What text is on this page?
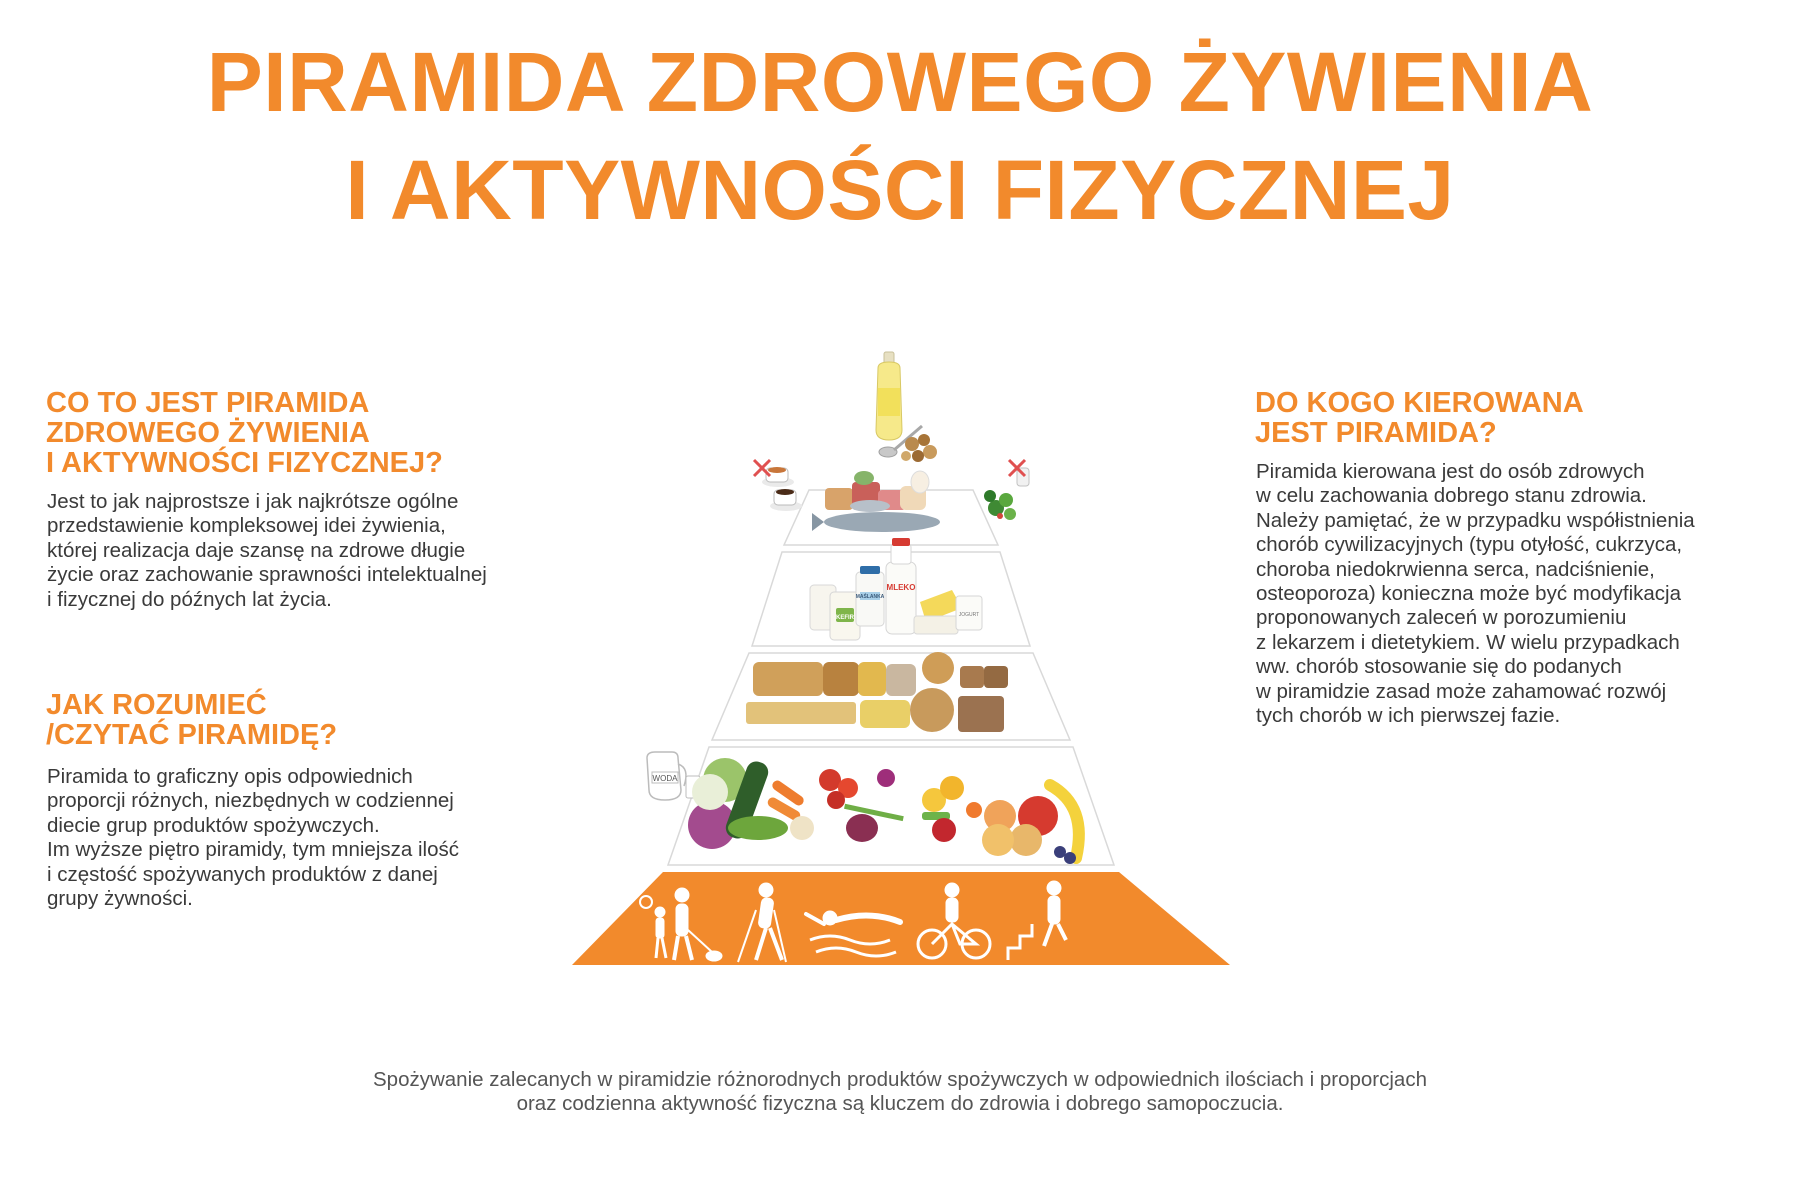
PIRAMIDA ZDROWEGO ŻYWIENIA
I AKTYWNOŚCI FIZYCZNEJ
CO TO JEST PIRAMIDA
ZDROWEGO ŻYWIENIA
I AKTYWNOŚCI FIZYCZNEJ?

Jest to jak najprostsze i jak najkrótsze ogólne
przedstawienie kompleksowej idei żywienia,
której realizacja daje szansę na zdrowe długie
życie oraz zachowanie sprawności intelektualnej
i fizycznej do późnych lat życia.

JAK ROZUMIEĆ
/CZYTAĆ PIRAMIDĘ?

Piramida to graficzny opis odpowiednich
proporcji różnych, niezbędnych w codziennej
diecie grup produktów spożywczych.
Im wyższe piętro piramidy, tym mniejsza ilość
i częstość spożywanych produktów z danej
grupy żywności.

DO KOGO KIEROWANA
JEST PIRAMIDA?

Piramida kierowana jest do osób zdrowych
w celu zachowania dobrego stanu zdrowia.
Należy pamiętać, że w przypadku współistnienia
chorób cywilizacyjnych (typu otyłość, cukrzyca,
choroba niedokrwienna serca, nadciśnienie,
osteoporoza) konieczna może być modyfikacja
proponowanych zaleceń w porozumieniu
z lekarzem i dietetykiem. W wielu przypadkach
ww. chorób stosowanie się do podanych
w piramidzie zasad może zahamować rozwój
tych chorób w ich pierwszej fazie.

KEFIR
MAŚLANKA
MLEKO
JOGURT
WODA

Spożywanie zalecanych w piramidzie różnorodnych produktów spożywczych w odpowiednich ilościach i proporcjach
oraz codzienna aktywność fizyczna są kluczem do zdrowia i dobrego samopoczucia.
